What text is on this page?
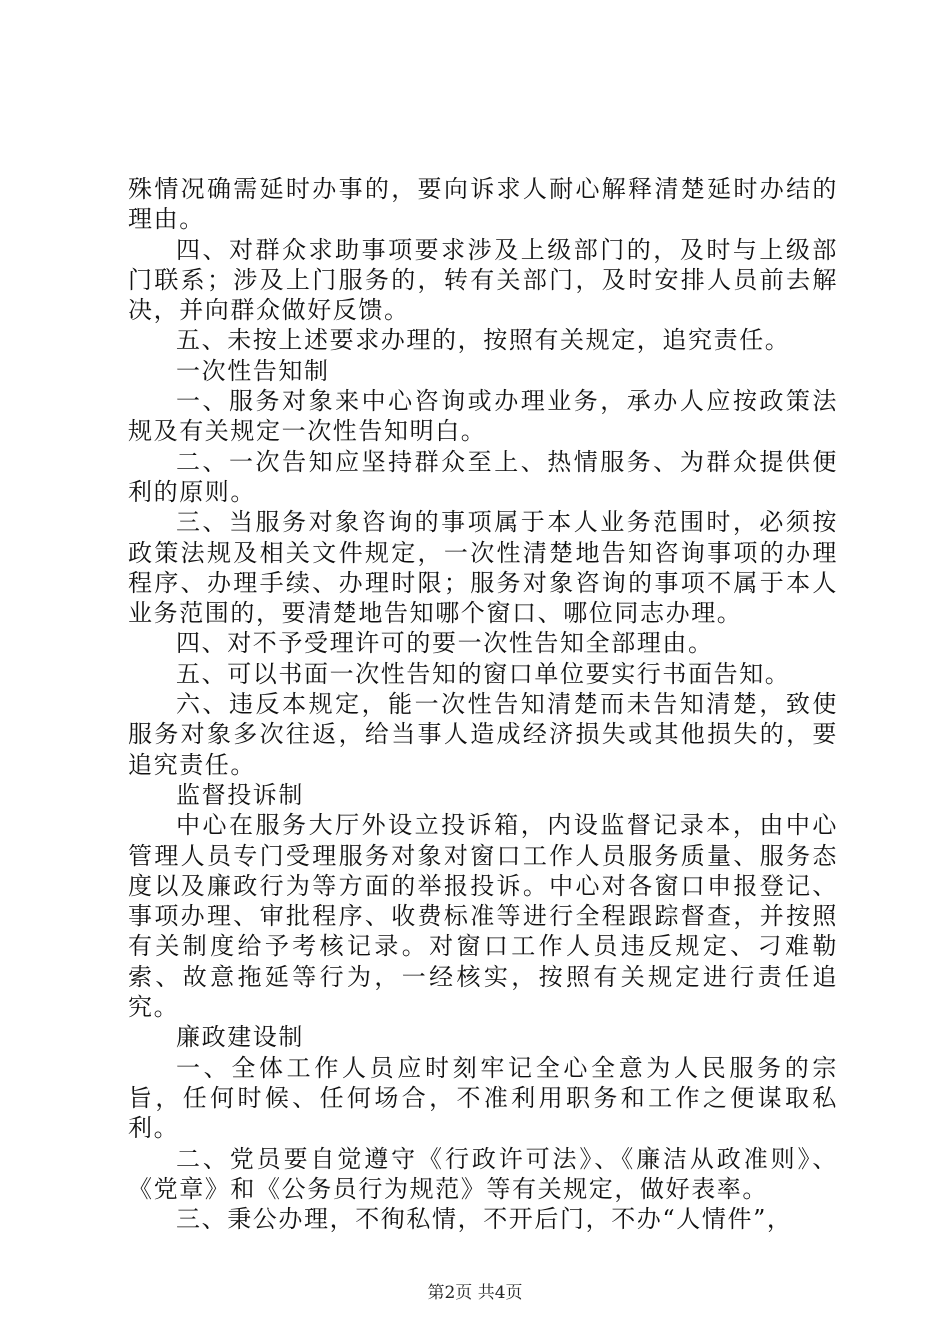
殊情况确需延时办事的，要向诉求人耐心解释清楚延时办结的理由。

四、对群众求助事项要求涉及上级部门的，及时与上级部门联系；涉及上门服务的，转有关部门，及时安排人员前去解决，并向群众做好反馈。

五、未按上述要求办理的，按照有关规定，追究责任。

一次性告知制

一、服务对象来中心咨询或办理业务，承办人应按政策法规及有关规定一次性告知明白。

二、一次告知应坚持群众至上、热情服务、为群众提供便利的原则。

三、当服务对象咨询的事项属于本人业务范围时，必须按政策法规及相关文件规定，一次性清楚地告知咨询事项的办理程序、办理手续、办理时限；服务对象咨询的事项不属于本人业务范围的，要清楚地告知哪个窗口、哪位同志办理。

四、对不予受理许可的要一次性告知全部理由。

五、可以书面一次性告知的窗口单位要实行书面告知。

六、违反本规定，能一次性告知清楚而未告知清楚，致使服务对象多次往返，给当事人造成经济损失或其他损失的，要追究责任。

监督投诉制

中心在服务大厅外设立投诉箱，内设监督记录本，由中心管理人员专门受理服务对象对窗口工作人员服务质量、服务态度以及廉政行为等方面的举报投诉。中心对各窗口申报登记、事项办理、审批程序、收费标准等进行全程跟踪督查，并按照有关制度给予考核记录。对窗口工作人员违反规定、刁难勒索、故意拖延等行为，一经核实，按照有关规定进行责任追究。

廉政建设制

一、全体工作人员应时刻牢记全心全意为人民服务的宗旨，任何时候、任何场合，不准利用职务和工作之便谋取私利。

二、党员要自觉遵守《行政许可法》、《廉洁从政准则》、《党章》和《公务员行为规范》等有关规定，做好表率。

三、秉公办理，不徇私情，不开后门，不办“人情件”，

第2页 共4页
